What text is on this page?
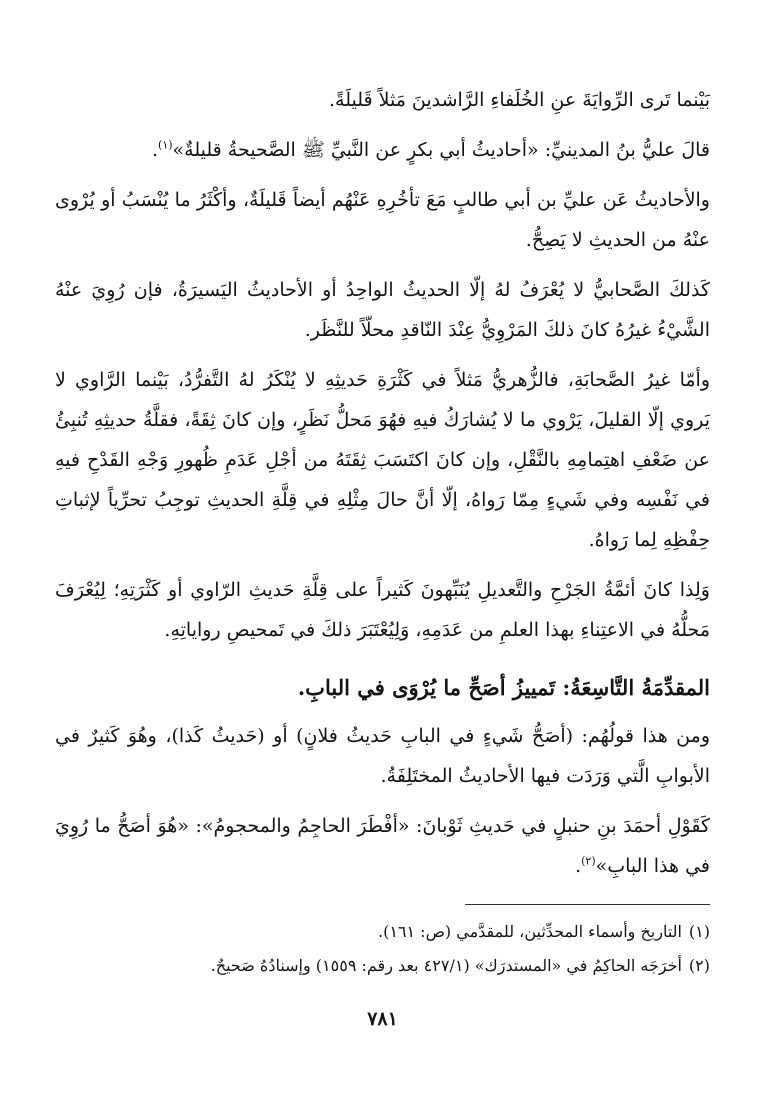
بَيْنما تَرى الرِّوايَةَ عنِ الخُلَفاءِ الرَّاشدينَ مَثلاً قَليلَةً.

قالَ عليُّ بنُ المدينيِّ: «أحاديثُ أبي بكرٍ عن النَّبيِّ ﷺ الصَّحيحةُ قليلةٌ»$^{(١)}$.

والأحاديثُ عَن عليِّ بن أبي طالبٍ مَعَ تأخُرِهِ عَنْهُم أيضاً قَليلَةٌ، وأكْثَرُ ما يُنْسَبُ أو يُرْوى عنْهُ من الحديثِ لا يَصِحُّ.

كَذلكَ الصَّحابيُّ لا يُعْرَفُ لهُ إلّا الحديثُ الواحِدُ أو الأحاديثُ اليَسيرَةُ، فإن رُوِيَ عنْهُ الشَّيْءُ غيرُهُ كانَ ذلكَ المَرْوِيُّ عِنْدَ النّاقدِ محلّاً للنَّظَر.

وأمّا غيرُ الصَّحابَةِ، فالزُّهريُّ مَثلاً في كَثْرَةِ حَديثِهِ لا يُنْكَرُ لهُ التَّفرُّدُ، بَيْنما الرَّاوي لا يَروي إلّا القليلَ، يَرْوي ما لا يُشارَكُ فيهِ فهُوَ مَحلُّ نَظَرٍ، وإن كانَ ثِقَةً، فقلَّةُ حديثِهِ تُنبِئُ عن ضَعْفِ اهتِمامِهِ بالنَّقْلِ، وإن كانَ اكتَسَبَ ثِقَتَهُ من أجْلِ عَدَمِ ظُهورِ وَجْهِ القَدْحِ فيهِ في نَفْسِه وفي شَيءٍ مِمّا رَواهُ، إلّا أنَّ حالَ مِثْلِهِ في قِلَّةِ الحديثِ توجِبُ تحرِّياً لإثباتِ حِفْظِهِ لِما رَواهُ.

وَلِذا كانَ أئمَّةُ الجَرْحِ والتَّعديلِ يُنَبِّهونَ كَثيراً على قِلَّةِ حَديثِ الرّاوي أو كَثْرَتِهِ؛ لِيُعْرَفَ مَحلُّهُ في الاعتِناءِ بهذا العلمِ من عَدَمِهِ، وَلِيُعْتَبَرَ ذلكَ في تَمحيصِ رواياتِهِ.

المقدِّمَةُ التَّاسِعَةُ: تَمييزُ أصَحِّ ما يُرْوَى في البابِ.

ومن هذا قولُهُم: (أصَحُّ شَيءٍ في البابِ حَديثُ فلانٍ) أو (حَديثُ كَذا)، وهُوَ كَثيرٌ في الأبوابِ الَّتي وَرَدَت فيها الأحاديثُ المختَلِفَةُ.

كَقَوْلِ أحمَدَ بنِ حنبلٍ في حَديثِ ثَوْبانَ: «أفْطَرَ الحاجِمُ والمحجومُ»: «هُوَ أصَحُّ ما رُوِيَ في هذا البابِ»$^{(٢)}$.

(١)التاريخ وأسماء المحدِّثين، للمقدَّمي (ص: ١٦١).
(٢)أخرَجَه الحاكِمُ في «المستدرَك» (٤٢٧/١ بعد رقم: ١٥٥٩) وإسنادُهُ صَحيحٌ.
٧٨١
